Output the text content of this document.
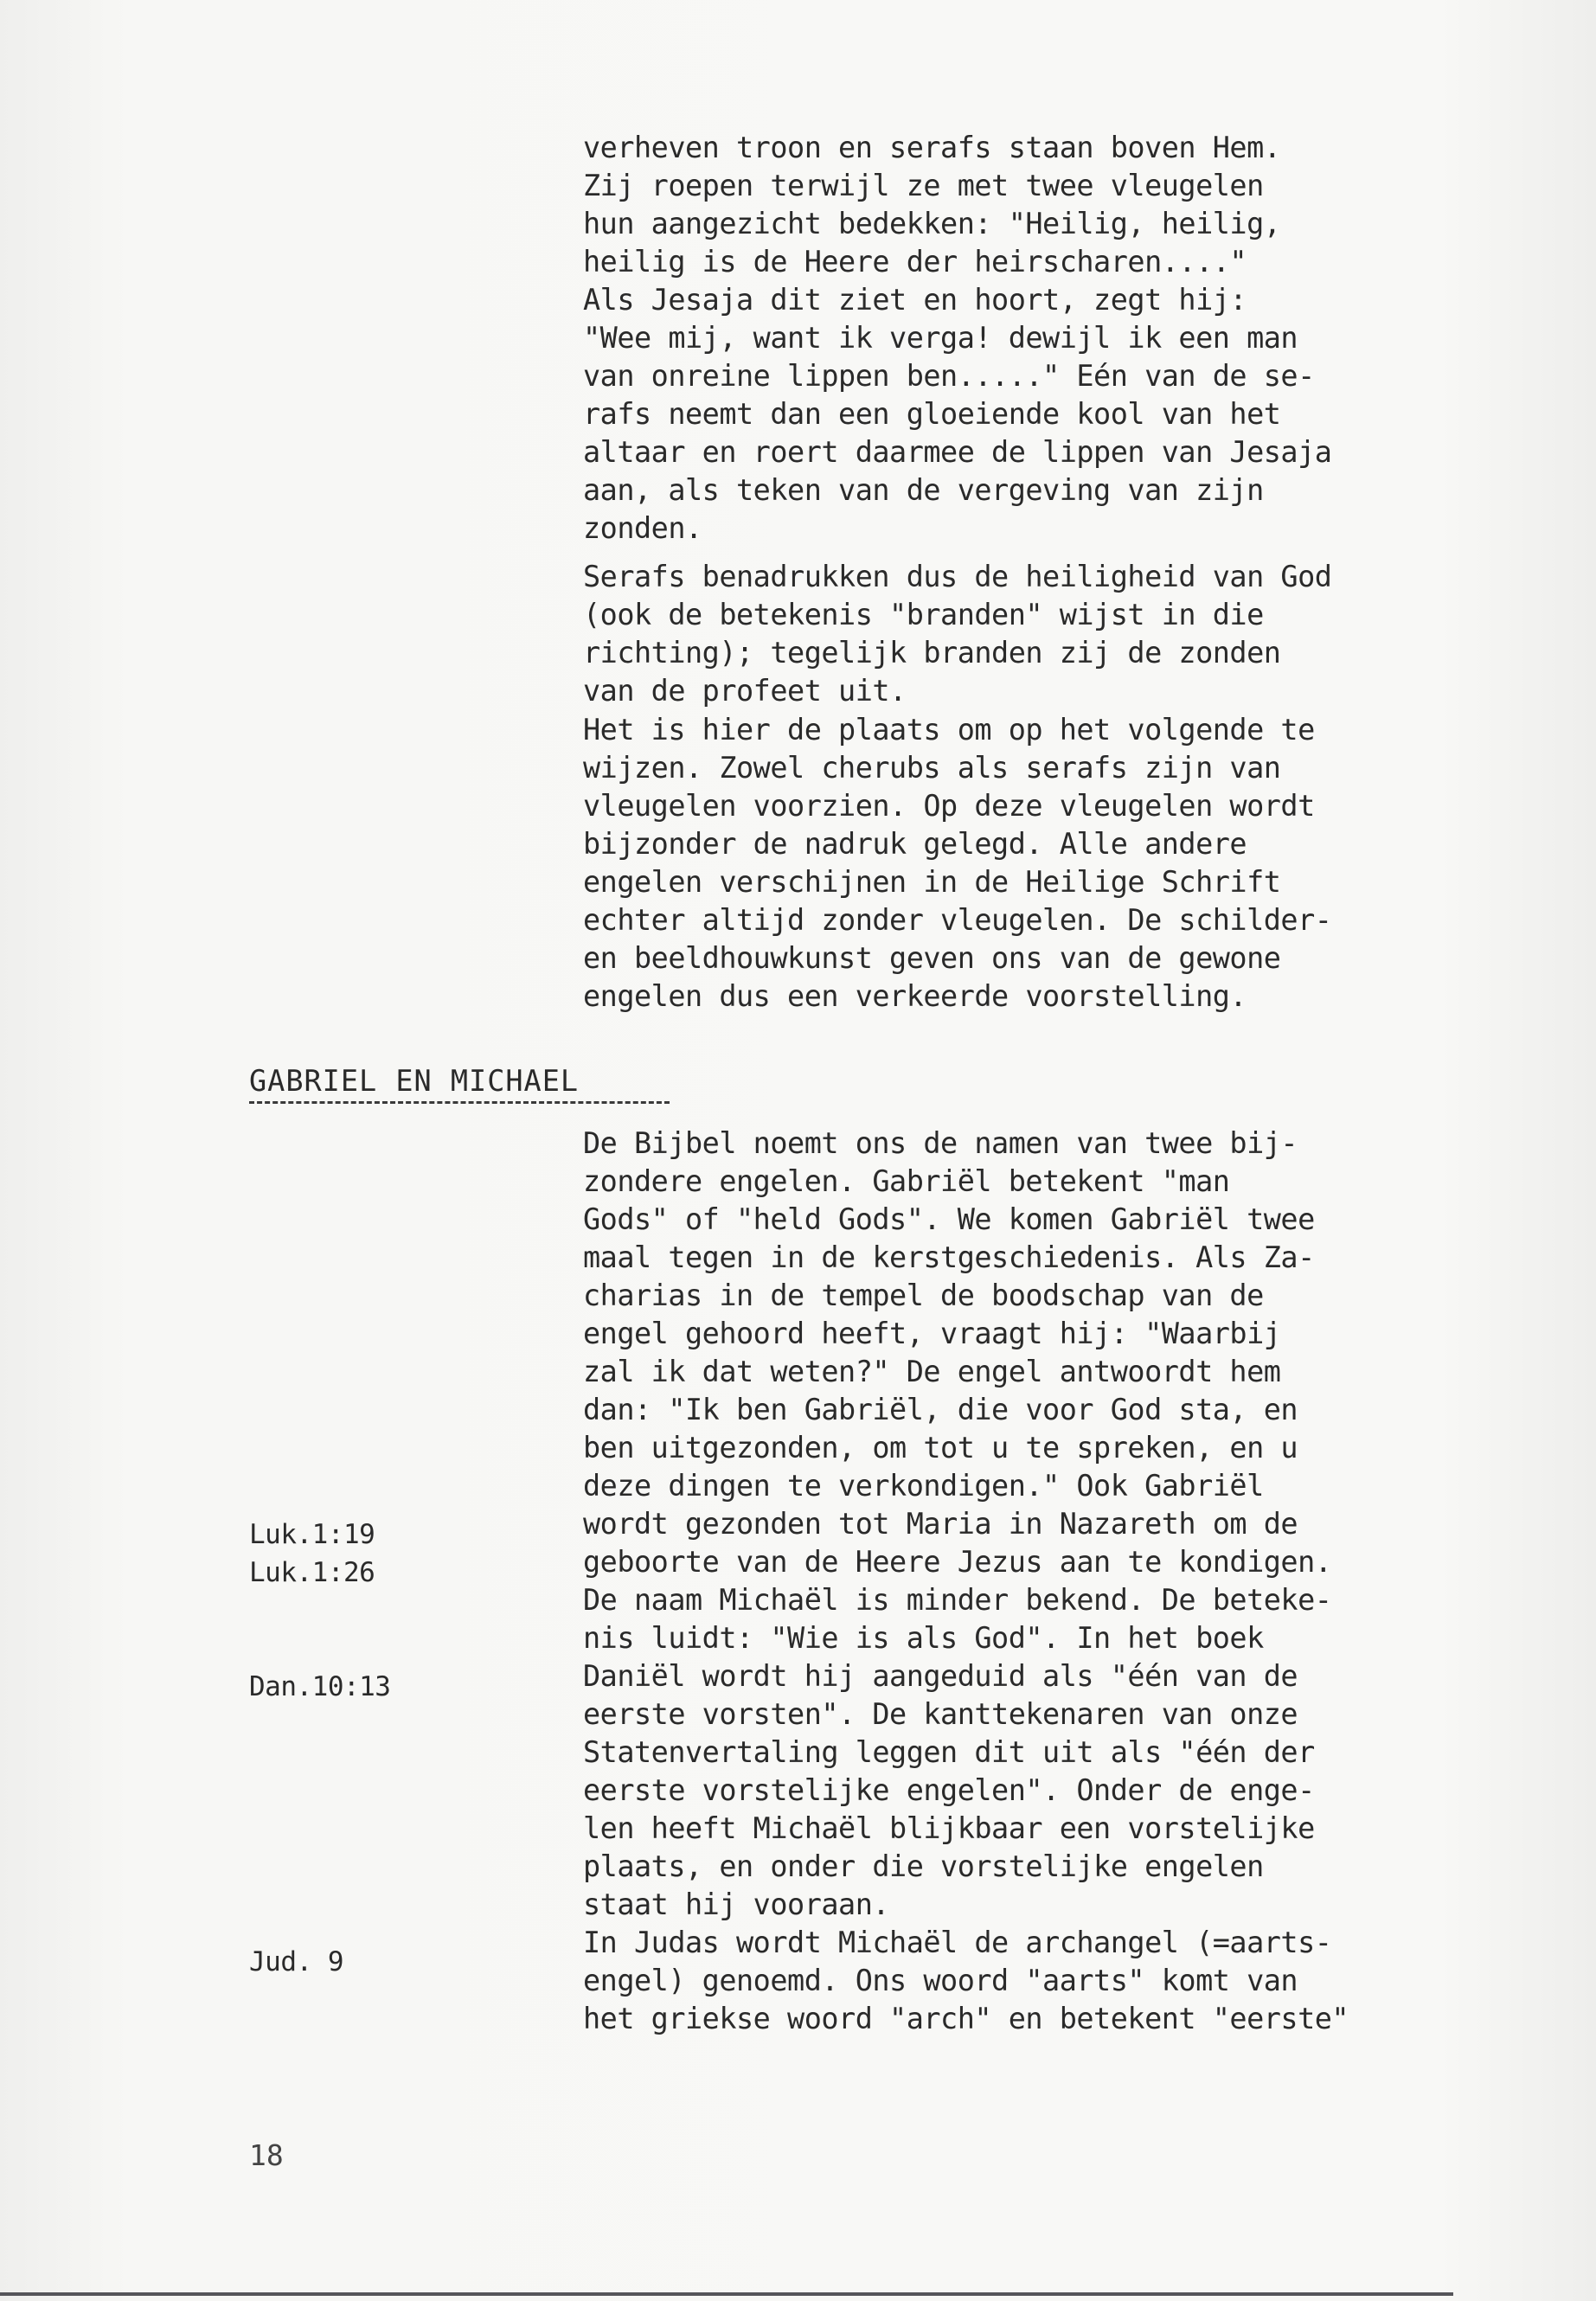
verheven troon en serafs staan boven Hem.
Zij roepen terwijl ze met twee vleugelen
hun aangezicht bedekken: "Heilig, heilig,
heilig is de Heere der heirscharen...."
Als Jesaja dit ziet en hoort, zegt hij:
"Wee mij, want ik verga! dewijl ik een man
van onreine lippen ben....." Eén van de se-
rafs neemt dan een gloeiende kool van het
altaar en roert daarmee de lippen van Jesaja
aan, als teken van de vergeving van zijn
zonden.
Serafs benadrukken dus de heiligheid van God
(ook de betekenis "branden" wijst in die
richting); tegelijk branden zij de zonden
van de profeet uit.
Het is hier de plaats om op het volgende te
wijzen. Zowel cherubs als serafs zijn van
vleugelen voorzien. Op deze vleugelen wordt
bijzonder de nadruk gelegd. Alle andere
engelen verschijnen in de Heilige Schrift
echter altijd zonder vleugelen. De schilder-
en beeldhouwkunst geven ons van de gewone
engelen dus een verkeerde voorstelling.
GABRIEL EN MICHAEL
De Bijbel noemt ons de namen van twee bij-
zondere engelen. Gabriël betekent "man
Gods" of "held Gods". We komen Gabriël twee
maal tegen in de kerstgeschiedenis. Als Za-
charias in de tempel de boodschap van de
engel gehoord heeft, vraagt hij: "Waarbij
zal ik dat weten?" De engel antwoordt hem
dan: "Ik ben Gabriël, die voor God sta, en
ben uitgezonden, om tot u te spreken, en u
deze dingen te verkondigen." Ook Gabriël
wordt gezonden tot Maria in Nazareth om de
geboorte van de Heere Jezus aan te kondigen.
De naam Michaël is minder bekend. De beteke-
nis luidt: "Wie is als God". In het boek
Daniël wordt hij aangeduid als "één van de
eerste vorsten". De kanttekenaren van onze
Statenvertaling leggen dit uit als "één der
eerste vorstelijke engelen". Onder de enge-
len heeft Michaël blijkbaar een vorstelijke
plaats, en onder die vorstelijke engelen
staat hij vooraan.
In Judas wordt Michaël de archangel (=aarts-
engel) genoemd. Ons woord "aarts" komt van
het griekse woord "arch" en betekent "eerste"
Luk.1:19
Luk.1:26
Dan.10:13
Jud. 9
18
